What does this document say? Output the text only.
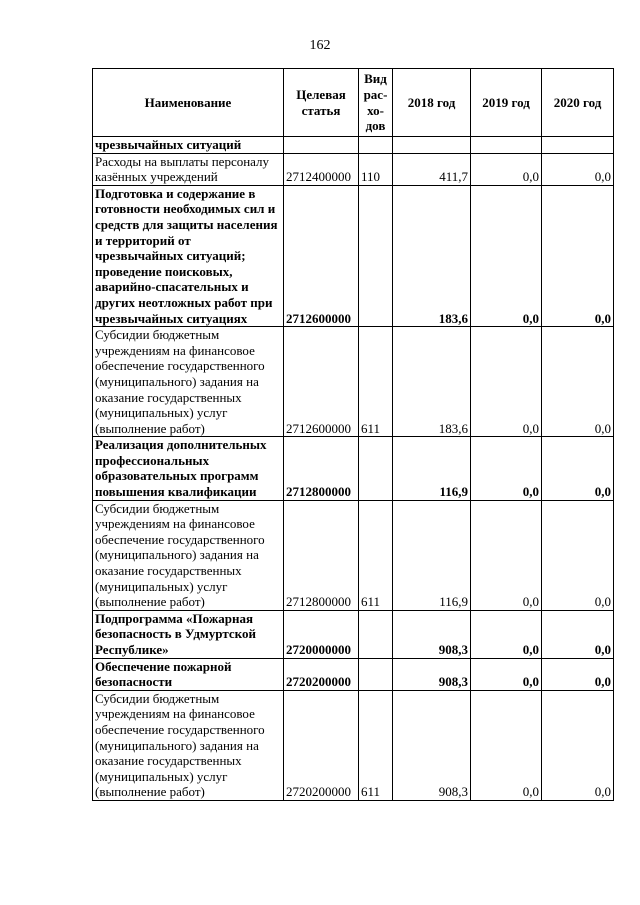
162
Наименование	Целевая статья	Вид рас-хо-дов	2018 год	2019 год	2020 год
чрезвычайных ситуаций					
Расходы на выплаты персоналу казённых учреждений	2712400000	110	411,7	0,0	0,0
Подготовка и содержание в готовности необходимых сил и средств для защиты населения и территорий от чрезвычайных ситуаций; проведение поисковых, аварийно-спасательных и других неотложных работ при чрезвычайных ситуациях	2712600000		183,6	0,0	0,0
Субсидии бюджетным учреждениям на финансовое обеспечение государственного (муниципального) задания на оказание государственных (муниципальных) услуг (выполнение работ)	2712600000	611	183,6	0,0	0,0
Реализация дополнительных профессиональных образовательных программ повышения квалификации	2712800000		116,9	0,0	0,0
Субсидии бюджетным учреждениям на финансовое обеспечение государственного (муниципального) задания на оказание государственных (муниципальных) услуг (выполнение работ)	2712800000	611	116,9	0,0	0,0
Подпрограмма «Пожарная безопасность в Удмуртской Республике»	2720000000		908,3	0,0	0,0
Обеспечение пожарной безопасности	2720200000		908,3	0,0	0,0
Субсидии бюджетным учреждениям на финансовое обеспечение государственного (муниципального) задания на оказание государственных (муниципальных) услуг (выполнение работ)	2720200000	611	908,3	0,0	0,0
